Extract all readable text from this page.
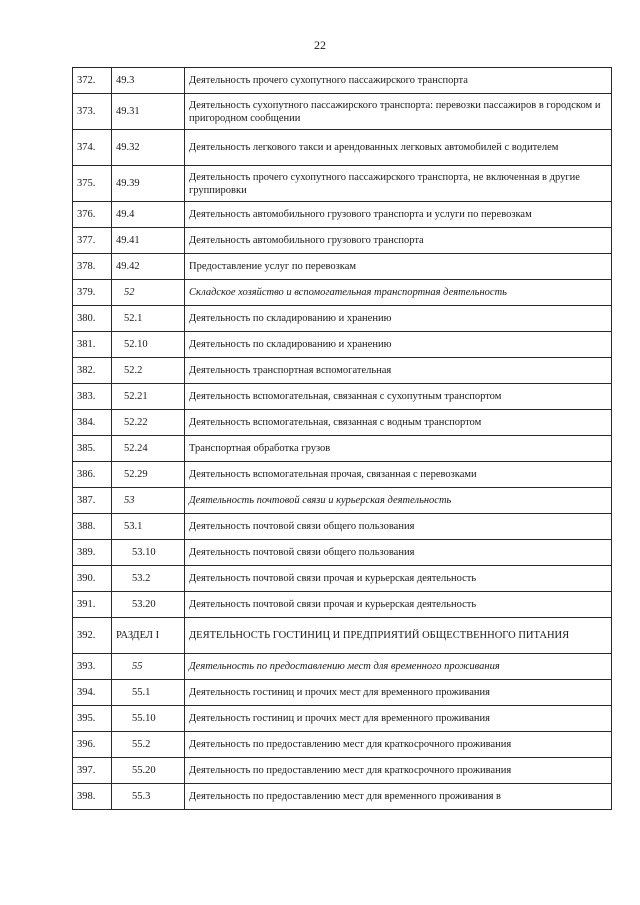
22
372.	49.3	Деятельность прочего сухопутного пассажирского транспорта
373.	49.31	Деятельность сухопутного пассажирского транспорта: перевозки пассажиров в городском и пригородном сообщении
374.	49.32	Деятельность легкового такси и арендованных легковых автомобилей с водителем
375.	49.39	Деятельность прочего сухопутного пассажирского транспорта, не включенная в другие группировки
376.	49.4	Деятельность автомобильного грузового транспорта и услуги по перевозкам
377.	49.41	Деятельность автомобильного грузового транспорта
378.	49.42	Предоставление услуг по перевозкам
379.	52	Складское хозяйство и вспомогательная транспортная деятельность
380.	52.1	Деятельность по складированию и хранению
381.	52.10	Деятельность по складированию и хранению
382.	52.2	Деятельность транспортная вспомогательная
383.	52.21	Деятельность вспомогательная, связанная с сухопутным транспортом
384.	52.22	Деятельность вспомогательная, связанная с водным транспортом
385.	52.24	Транспортная обработка грузов
386.	52.29	Деятельность вспомогательная прочая, связанная с перевозками
387.	53	Деятельность почтовой связи и курьерская деятельность
388.	53.1	Деятельность почтовой связи общего пользования
389.	53.10	Деятельность почтовой связи общего пользования
390.	53.2	Деятельность почтовой связи прочая и курьерская деятельность
391.	53.20	Деятельность почтовой связи прочая и курьерская деятельность
392.	РАЗДЕЛ I	ДЕЯТЕЛЬНОСТЬ ГОСТИНИЦ И ПРЕДПРИЯТИЙ ОБЩЕСТВЕННОГО ПИТАНИЯ
393.	55	Деятельность по предоставлению мест для временного проживания
394.	55.1	Деятельность гостиниц и прочих мест для временного проживания
395.	55.10	Деятельность гостиниц и прочих мест для временного проживания
396.	55.2	Деятельность по предоставлению мест для краткосрочного проживания
397.	55.20	Деятельность по предоставлению мест для краткосрочного проживания
398.	55.3	Деятельность по предоставлению мест для временного проживания в
